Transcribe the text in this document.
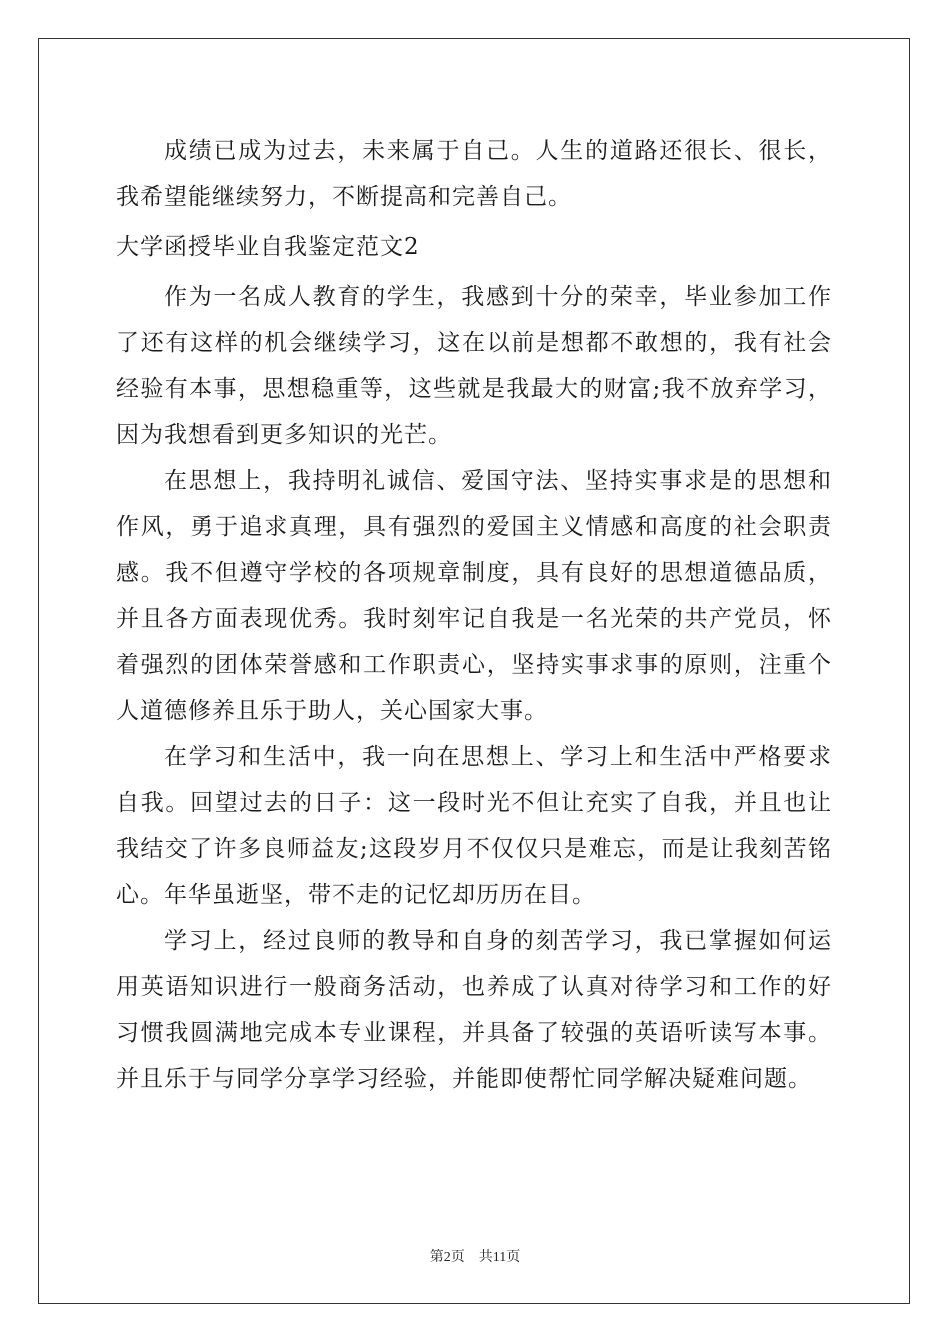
成绩已成为过去，未来属于自己。人生的道路还很长、很长，我希望能继续努力，不断提高和完善自己。

大学函授毕业自我鉴定范文2

作为一名成人教育的学生，我感到十分的荣幸，毕业参加工作了还有这样的机会继续学习，这在以前是想都不敢想的，我有社会经验有本事，思想稳重等，这些就是我最大的财富;我不放弃学习，因为我想看到更多知识的光芒。

在思想上，我持明礼诚信、爱国守法、坚持实事求是的思想和作风，勇于追求真理，具有强烈的爱国主义情感和高度的社会职责感。我不但遵守学校的各项规章制度，具有良好的思想道德品质，并且各方面表现优秀。我时刻牢记自我是一名光荣的共产党员，怀着强烈的团体荣誉感和工作职责心，坚持实事求事的原则，注重个人道德修养且乐于助人，关心国家大事。

在学习和生活中，我一向在思想上、学习上和生活中严格要求自我。回望过去的日子：这一段时光不但让充实了自我，并且也让我结交了许多良师益友;这段岁月不仅仅只是难忘，而是让我刻苦铭心。年华虽逝坚，带不走的记忆却历历在目。

学习上，经过良师的教导和自身的刻苦学习，我已掌握如何运用英语知识进行一般商务活动，也养成了认真对待学习和工作的好习惯我圆满地完成本专业课程，并具备了较强的英语听读写本事。并且乐于与同学分享学习经验，并能即使帮忙同学解决疑难问题。

第2页　共11页
